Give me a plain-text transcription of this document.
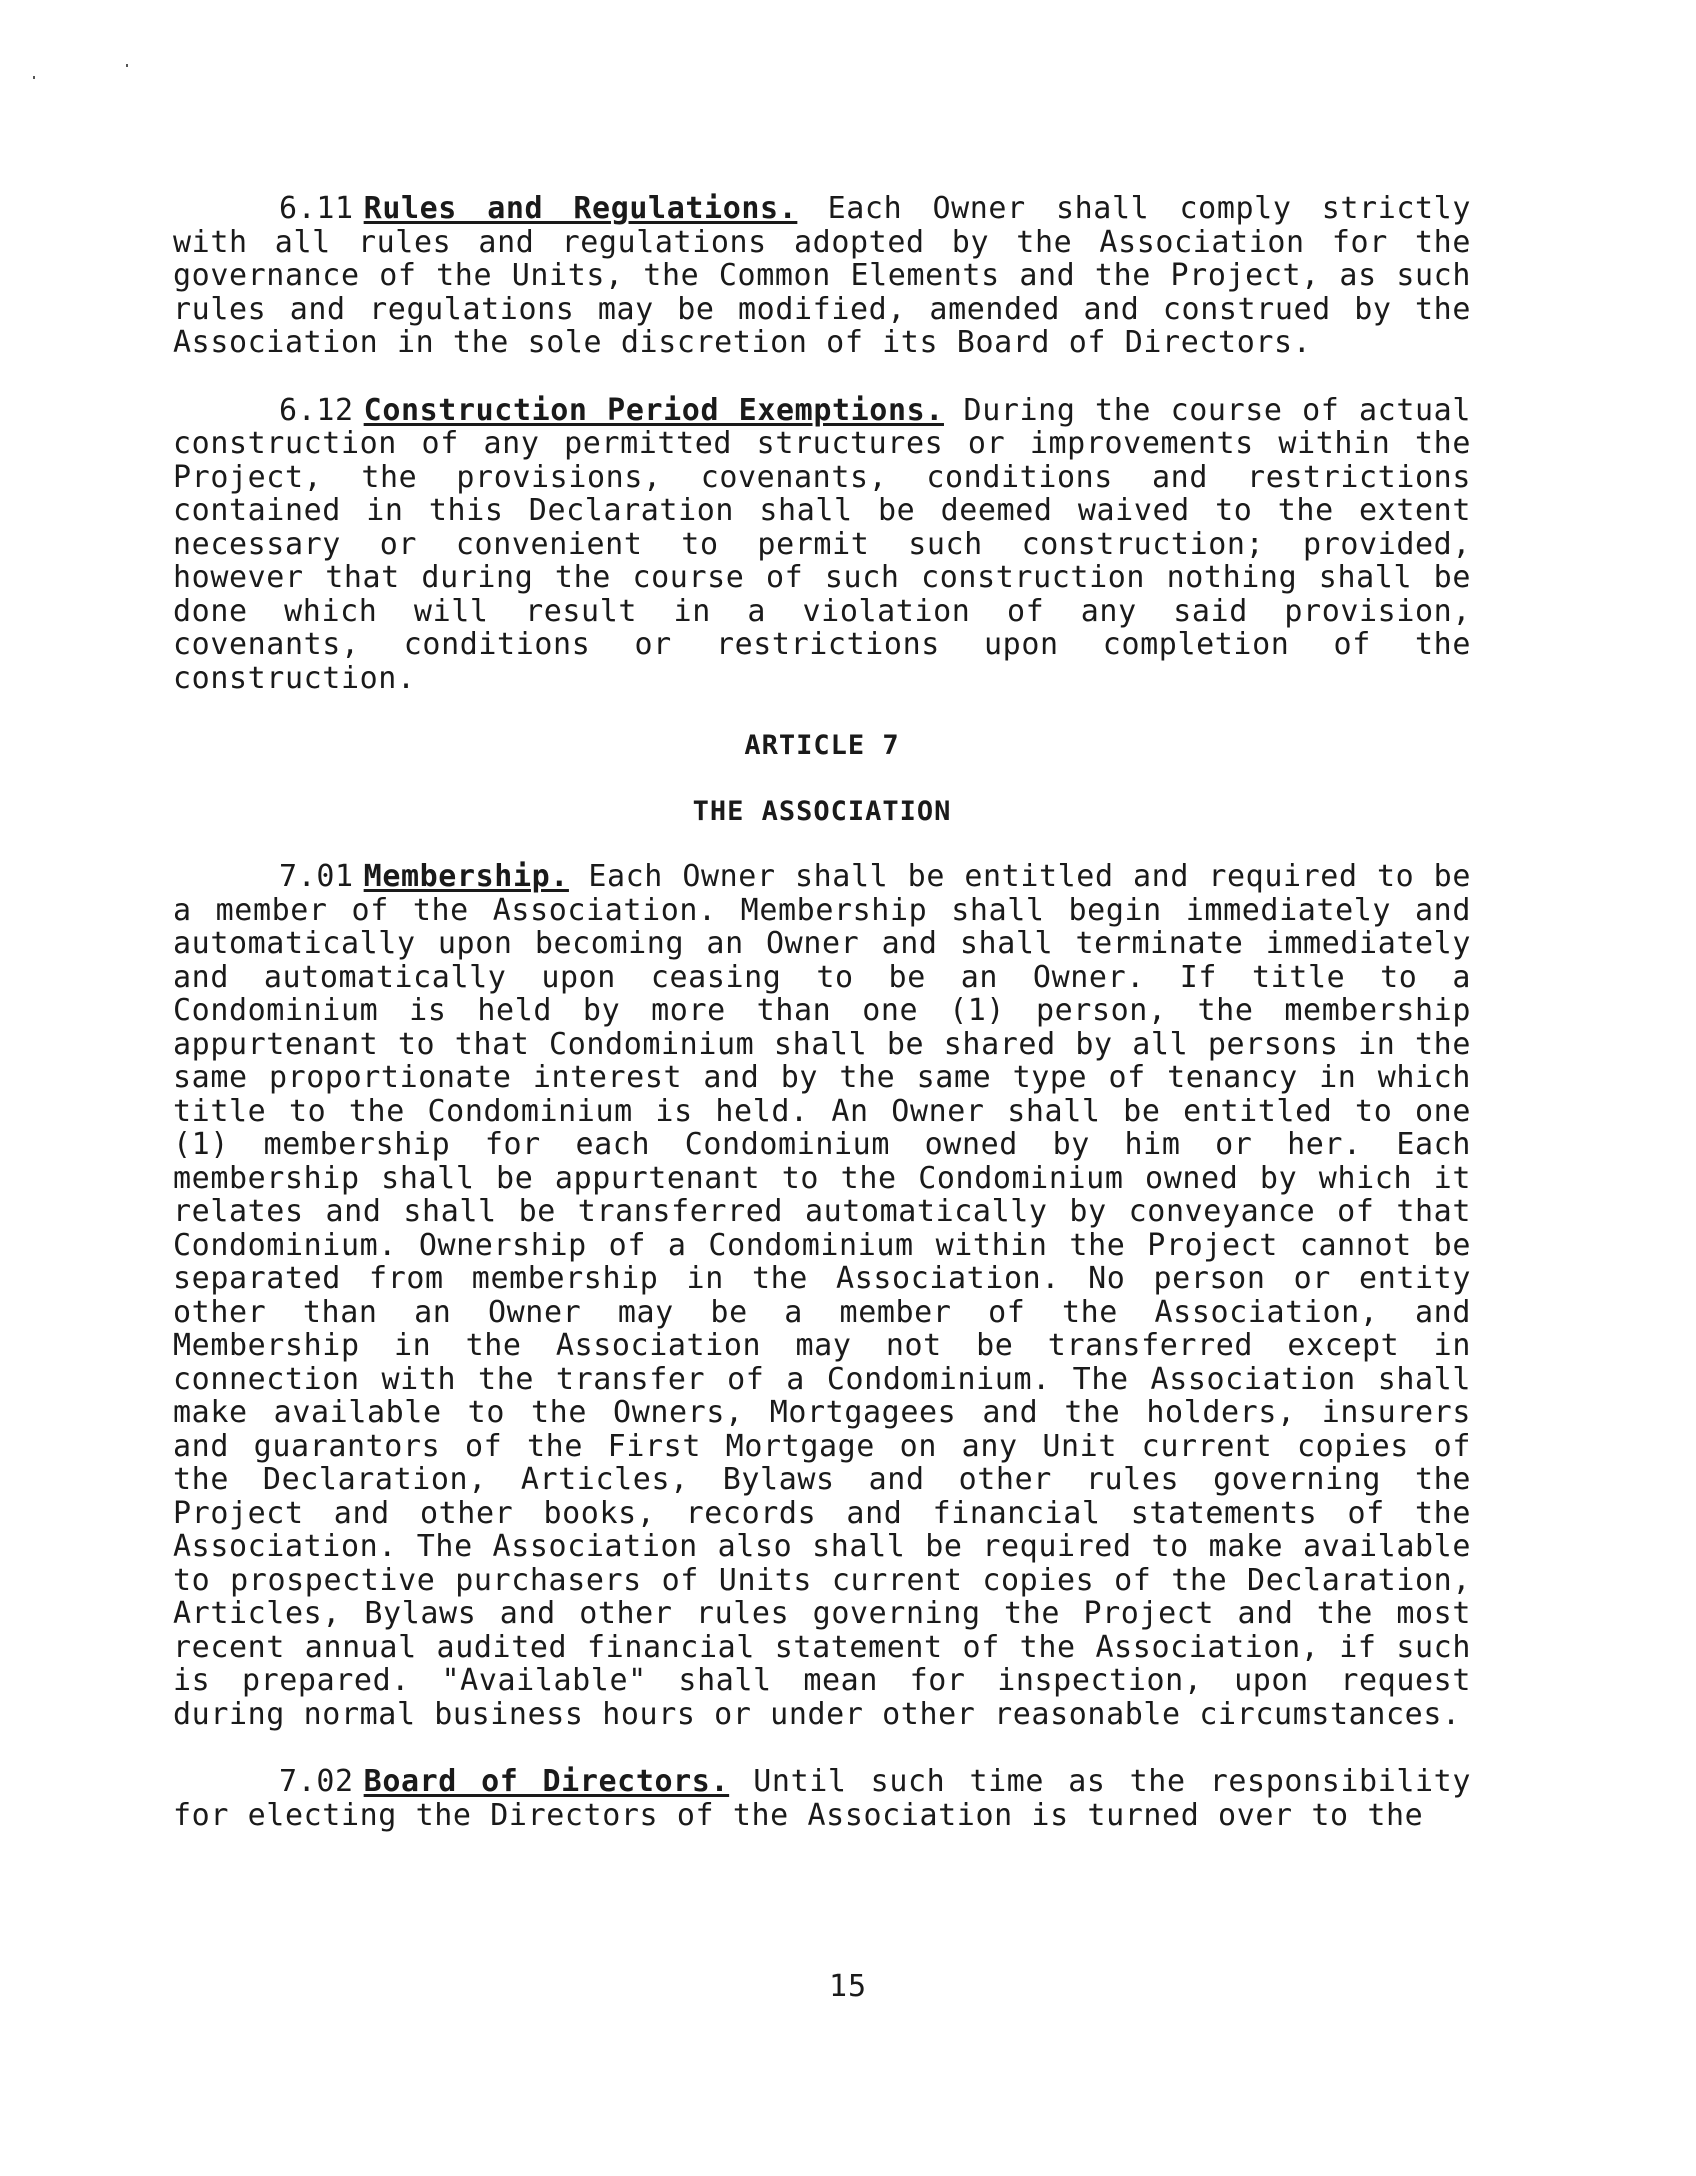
6.11 Rules and Regulations. Each Owner shall comply strictly with all rules and regulations adopted by the Association for the governance of the Units, the Common Elements and the Project, as such rules and regulations may be modified, amended and construed by the Association in the sole discretion of its Board of Directors.

6.12 Construction Period Exemptions. During the course of actual construction of any permitted structures or improvements within the Project, the provisions, covenants, conditions and restrictions contained in this Declaration shall be deemed waived to the extent necessary or convenient to permit such construction; provided, however that during the course of such construction nothing shall be done which will result in a violation of any said provision, covenants, conditions or restrictions upon completion of the construction.

ARTICLE 7
THE ASSOCIATION

7.01 Membership. Each Owner shall be entitled and required to be a member of the Association. Membership shall begin immediately and automatically upon becoming an Owner and shall terminate immediately and automatically upon ceasing to be an Owner. If title to a Condominium is held by more than one (1) person, the membership appurtenant to that Condominium shall be shared by all persons in the same proportionate interest and by the same type of tenancy in which title to the Condominium is held. An Owner shall be entitled to one (1) membership for each Condominium owned by him or her. Each membership shall be appurtenant to the Condominium owned by which it relates and shall be transferred automatically by conveyance of that Condominium. Ownership of a Condominium within the Project cannot be separated from membership in the Association. No person or entity other than an Owner may be a member of the Association, and Membership in the Association may not be transferred except in connection with the transfer of a Condominium. The Association shall make available to the Owners, Mortgagees and the holders, insurers and guarantors of the First Mortgage on any Unit current copies of the Declaration, Articles, Bylaws and other rules governing the Project and other books, records and financial statements of the Association. The Association also shall be required to make available to prospective purchasers of Units current copies of the Declaration, Articles, Bylaws and other rules governing the Project and the most recent annual audited financial statement of the Association, if such is prepared. "Available" shall mean for inspection, upon request during normal business hours or under other reasonable circumstances.

7.02 Board of Directors. Until such time as the responsibility for electing the Directors of the Association is turned over to the

15
